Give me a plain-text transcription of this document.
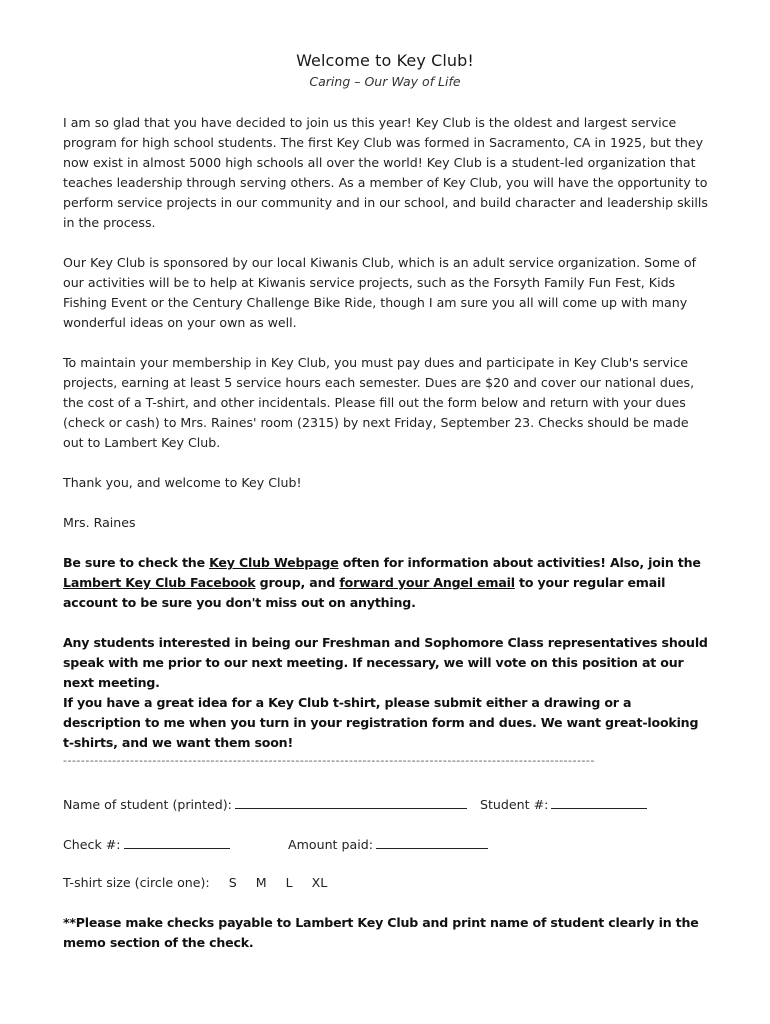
Welcome to Key Club!
Caring – Our Way of Life
I am so glad that you have decided to join us this year! Key Club is the oldest and largest service program for high school students. The first Key Club was formed in Sacramento, CA in 1925, but they now exist in almost 5000 high schools all over the world! Key Club is a student-led organization that teaches leadership through serving others. As a member of Key Club, you will have the opportunity to perform service projects in our community and in our school, and build character and leadership skills in the process.
Our Key Club is sponsored by our local Kiwanis Club, which is an adult service organization. Some of our activities will be to help at Kiwanis service projects, such as the Forsyth Family Fun Fest, Kids Fishing Event or the Century Challenge Bike Ride, though I am sure you all will come up with many wonderful ideas on your own as well.
To maintain your membership in Key Club, you must pay dues and participate in Key Club's service projects, earning at least 5 service hours each semester. Dues are $20 and cover our national dues, the cost of a T-shirt, and other incidentals. Please fill out the form below and return with your dues (check or cash) to Mrs. Raines' room (2315) by next Friday, September 23. Checks should be made out to Lambert Key Club.
Thank you, and welcome to Key Club!
Mrs. Raines
Be sure to check the Key Club Webpage often for information about activities! Also, join the Lambert Key Club Facebook group, and forward your Angel email to your regular email account to be sure you don't miss out on anything.
Any students interested in being our Freshman and Sophomore Class representatives should speak with me prior to our next meeting. If necessary, we will vote on this position at our next meeting.
If you have a great idea for a Key Club t-shirt, please submit either a drawing or a description to me when you turn in your registration form and dues. We want great-looking t-shirts, and we want them soon!
-----------------------------------------------------------------------------------------------------------------------
Name of student (printed):	Student #:
Check #:	Amount paid:
T-shirt size (circle one): S M L XL
**Please make checks payable to Lambert Key Club and print name of student clearly in the memo section of the check.
